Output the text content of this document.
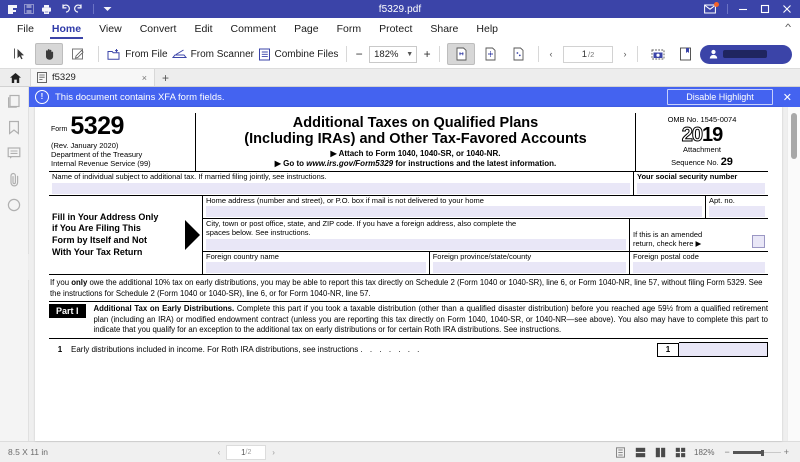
f5329.pdf
File	Home	View	Convert	Edit	Comment	Page	Form	Protect	Share	Help	^
From File From Scanner Combine Files − 182% ▼ +	‹	1 /2	›
f5329	×	+
!	This document contains XFA form fields.	Disable Highlight	✕
Form 5329
(Rev. January 2020)
Department of the Treasury
Internal Revenue Service (99)
Additional Taxes on Qualified Plans
(Including IRAs) and Other Tax-Favored Accounts
▶ Attach to Form 1040, 1040-SR, or 1040-NR.
▶ Go to www.irs.gov/Form5329 for instructions and the latest information.
OMB No. 1545-0074
2019
Attachment
Sequence No. 29
Name of individual subject to additional tax. If married filing jointly, see instructions.	Your social security number
Fill in Your Address Only
if You Are Filing This
Form by Itself and Not
With Your Tax Return
Home address (number and street), or P.O. box if mail is not delivered to your home	Apt. no.
City, town or post office, state, and ZIP code. If you have a foreign address, also complete the
spaces below. See instructions.	If this is an amended
return, check here ▶
Foreign country name	Foreign province/state/county	Foreign postal code
If you only owe the additional 10% tax on early distributions, you may be able to report this tax directly on Schedule 2 (Form 1040 or 1040-SR), line 6, or Form 1040-NR, line 57, without filing Form 5329. See the instructions for Schedule 2 (Form 1040 or 1040-SR), line 6, or for Form 1040-NR, line 57.
Part I	Additional Tax on Early Distributions. Complete this part if you took a taxable distribution (other than a qualified disaster distribution) before you reached age 59½ from a qualified retirement plan (including an IRA) or modified endowment contract (unless you are reporting this tax directly on Form 1040, 1040-SR, or 1040-NR—see above). You also may have to complete this part to indicate that you qualify for an exception to the additional tax on early distributions or for certain Roth IRA distributions. See instructions.
1	Early distributions included in income. For Roth IRA distributions, see instructions . . . . . . .	1
8.5 X 11 in	‹	1 /2	›	182%	−	+
